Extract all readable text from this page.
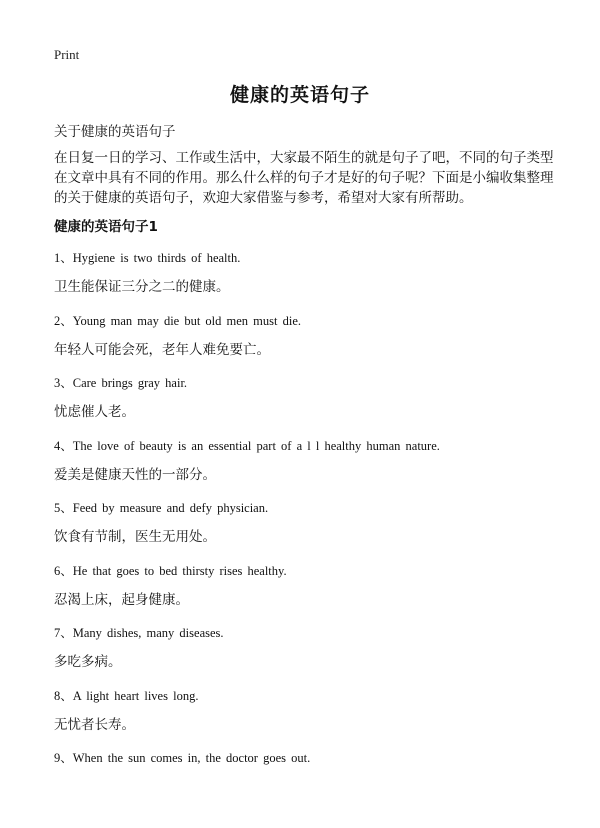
Print
健康的英语句子
关于健康的英语句子
在日复一日的学习、工作或生活中，大家最不陌生的就是句子了吧，不同的句子类型在文章中具有不同的作用。那么什么样的句子才是好的句子呢？下面是小编收集整理的关于健康的英语句子，欢迎大家借鉴与参考，希望对大家有所帮助。
健康的英语句子1
1、Hygiene is two thirds of health.
卫生能保证三分之二的健康。
2、Young man may die but old men must die.
年轻人可能会死，老年人难免要亡。
3、Care brings gray hair.
忧虑催人老。
4、The love of beauty is an essential part of a l l healthy human nature.
爱美是健康天性的一部分。
5、Feed by measure and defy physician.
饮食有节制，医生无用处。
6、He that goes to bed thirsty rises healthy.
忍渴上床，起身健康。
7、Many dishes, many diseases.
多吃多病。
8、A light heart lives long.
无忧者长寿。
9、When the sun comes in, the doctor goes out.
